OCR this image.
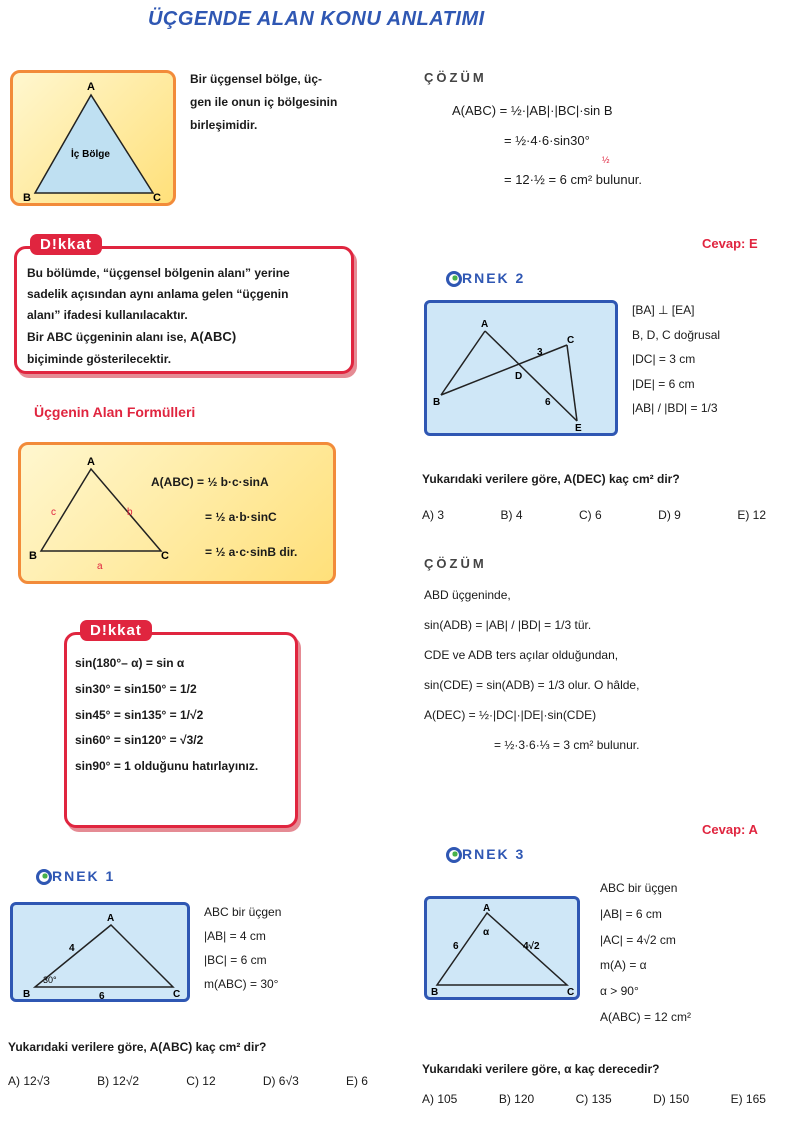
ÜÇGENDE ALAN KONU ANLATIMI
A
B	C
İç Bölge
Bir üçgensel bölge, üç-
gen ile onun iç bölgesinin
birleşimidir.
Bu bölümde, “üçgensel bölgenin alanı” yerine
sadelik açısından aynı anlama gelen “üçgenin
alanı” ifadesi kullanılacaktır.
Bir ABC üçgeninin alanı ise, A(ABC)
biçiminde gösterilecektir.
D!kkat
Üçgenin Alan Formülleri
A
B	C
c	b
a
A(ABC) = ½ b·c·sinA
= ½ a·b·sinC
= ½ a·c·sinB dir.
sin(180°– α) = sin α
sin30° = sin150° = 1/2
sin45° = sin135° = 1/√2
sin60° = sin120° = √3/2
sin90° = 1 olduğunu hatırlayınız.
D!kkat
RNEK 1
A
B	C
4
6
30°
ABC bir üçgen
|AB| = 4 cm
|BC| = 6 cm
m(ABC) = 30°
Yukarıdaki verilere göre, A(ABC) kaç cm² dir?
A) 12√3	B) 12√2	C) 12	D) 6√3	E) 6
ÇÖZÜM
A(ABC) = ½·|AB|·|BC|·sin B
= ½·4·6·sin30°
½
= 12·½ = 6 cm² bulunur.
Cevap: E
RNEK 2
A
B
C
D
E
3
6
[BA] ⊥ [EA]
B, D, C doğrusal
|DC| = 3 cm
|DE| = 6 cm
|AB| / |BD| = 1/3
Yukarıdaki verilere göre, A(DEC) kaç cm² dir?
A) 3	B) 4	C) 6	D) 9	E) 12
ÇÖZÜM
ABD üçgeninde,
sin(ADB) = |AB| / |BD| = 1/3 tür.
CDE ve ADB ters açılar olduğundan,
sin(CDE) = sin(ADB) = 1/3 olur. O hâlde,
A(DEC) = ½·|DC|·|DE|·sin(CDE)
= ½·3·6·⅓ = 3 cm² bulunur.
Cevap: A
RNEK 3
A
B	C
6	4√2
α
ABC bir üçgen
|AB| = 6 cm
|AC| = 4√2 cm
m(A) = α
α > 90°
A(ABC) = 12 cm²
Yukarıdaki verilere göre, α kaç derecedir?
A) 105	B) 120	C) 135	D) 150	E) 165
